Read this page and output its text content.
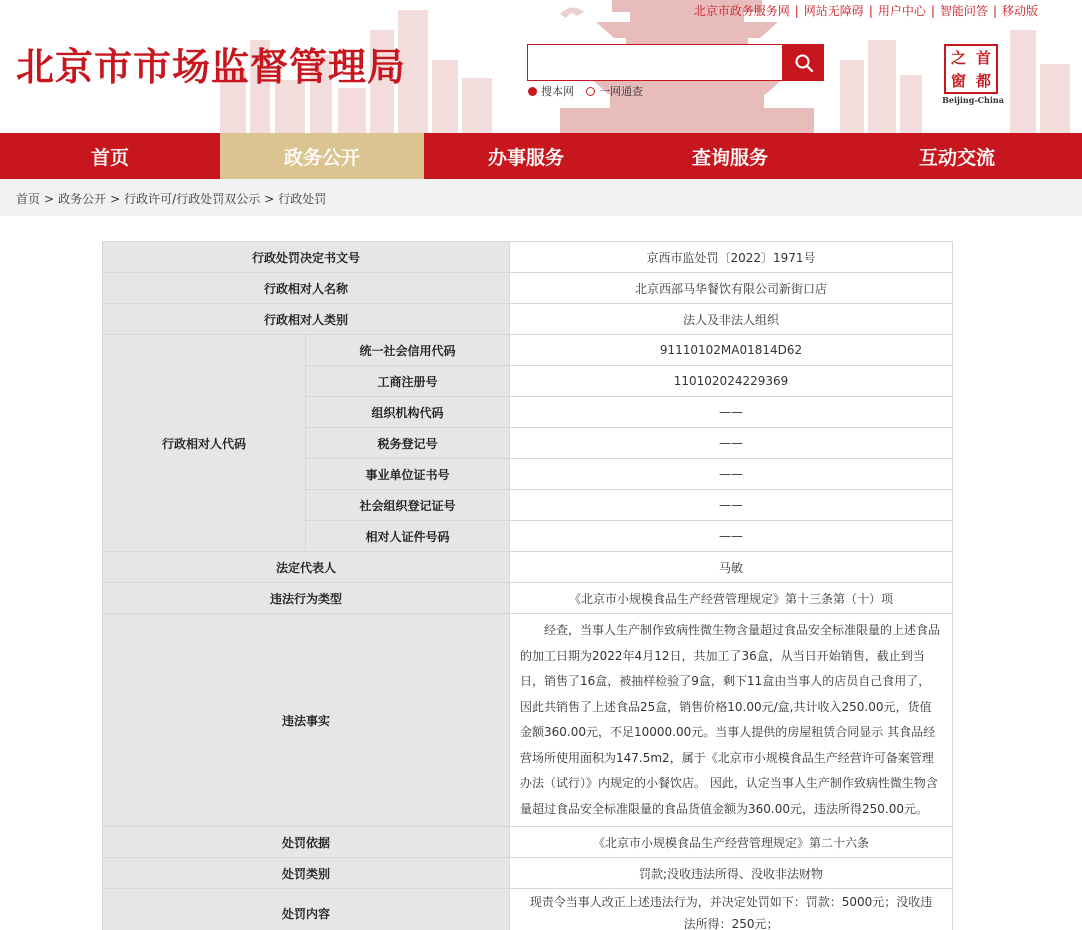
北京市市场监督管理局
北京市政务服务网 | 网站无障碍 | 用户中心 | 智能问答 | 移动版
搜本网 一网通查
之 首
窗 都
Beijing-China
首页	政务公开	办事服务	查询服务	互动交流
首页 > 政务公开 > 行政许可/行政处罚双公示 > 行政处罚
行政处罚决定书文号		京西市监处罚〔2022〕1971号
行政相对人名称		北京西部马华餐饮有限公司新街口店
行政相对人类别		法人及非法人组织
行政相对人代码	统一社会信用代码	91110102MA01814D62
	工商注册号	110102024229369
	组织机构代码	——
	税务登记号	——
	事业单位证书号	——
	社会组织登记证号	——
	相对人证件号码	——
法定代表人		马敏
违法行为类型		《北京市小规模食品生产经营管理规定》第十三条第（十）项
违法事实		经查，当事人生产制作致病性微生物含量超过食品安全标准限量的上述食品的加工日期为2022年4月12日，共加工了36盒，从当日开始销售，截止到当日，销售了16盒，被抽样检验了9盒，剩下11盒由当事人的店员自己食用了，因此共销售了上述食品25盒，销售价格10.00元/盒,共计收入250.00元，货值金额360.00元，不足10000.00元。当事人提供的房屋租赁合同显示 其食品经营场所使用面积为147.5m2，属于《北京市小规模食品生产经营许可备案管理办法（试行）》内规定的小餐饮店。 因此，认定当事人生产制作致病性微生物含量超过食品安全标准限量的食品货值金额为360.00元，违法所得250.00元。
处罚依据		《北京市小规模食品生产经营管理规定》第二十六条
处罚类别		罚款;没收违法所得、没收非法财物
处罚内容		现责令当事人改正上述违法行为，并决定处罚如下：罚款：5000元；没收违法所得：250元；
